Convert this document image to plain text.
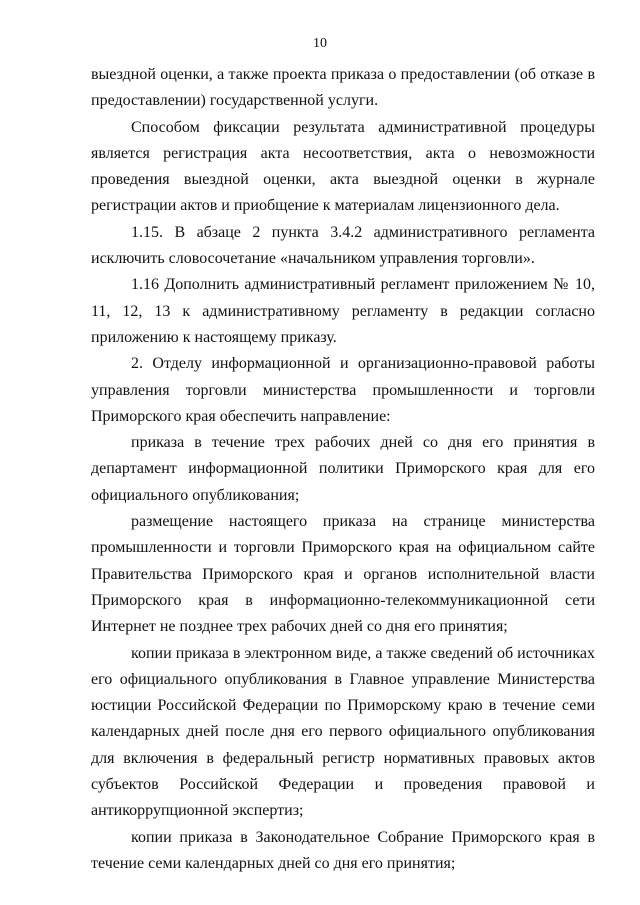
10

выездной оценки, а также проекта приказа о предоставлении (об отказе в предоставлении) государственной услуги.

Способом фиксации результата административной процедуры является регистрация акта несоответствия, акта о невозможности проведения выездной оценки, акта выездной оценки в журнале регистрации актов и приобщение к материалам лицензионного дела.

1.15. В абзаце 2 пункта 3.4.2 административного регламента исключить словосочетание «начальником управления торговли».

1.16 Дополнить административный регламент приложением № 10, 11, 12, 13 к административному регламенту в редакции согласно приложению к настоящему приказу.

2. Отделу информационной и организационно-правовой работы управления торговли министерства промышленности и торговли Приморского края обеспечить направление:

приказа в течение трех рабочих дней со дня его принятия в департамент информационной политики Приморского края для его официального опубликования;

размещение настоящего приказа на странице министерства промышленности и торговли Приморского края на официальном сайте Правительства Приморского края и органов исполнительной власти Приморского края в информационно-телекоммуникационной сети Интернет не позднее трех рабочих дней со дня его принятия;

копии приказа в электронном виде, а также сведений об источниках его официального опубликования в Главное управление Министерства юстиции Российской Федерации по Приморскому краю в течение семи календарных дней после дня его первого официального опубликования для включения в федеральный регистр нормативных правовых актов субъектов Российской Федерации и проведения правовой и антикоррупционной экспертиз;

копии приказа в Законодательное Собрание Приморского края в течение семи календарных дней со дня его принятия;
